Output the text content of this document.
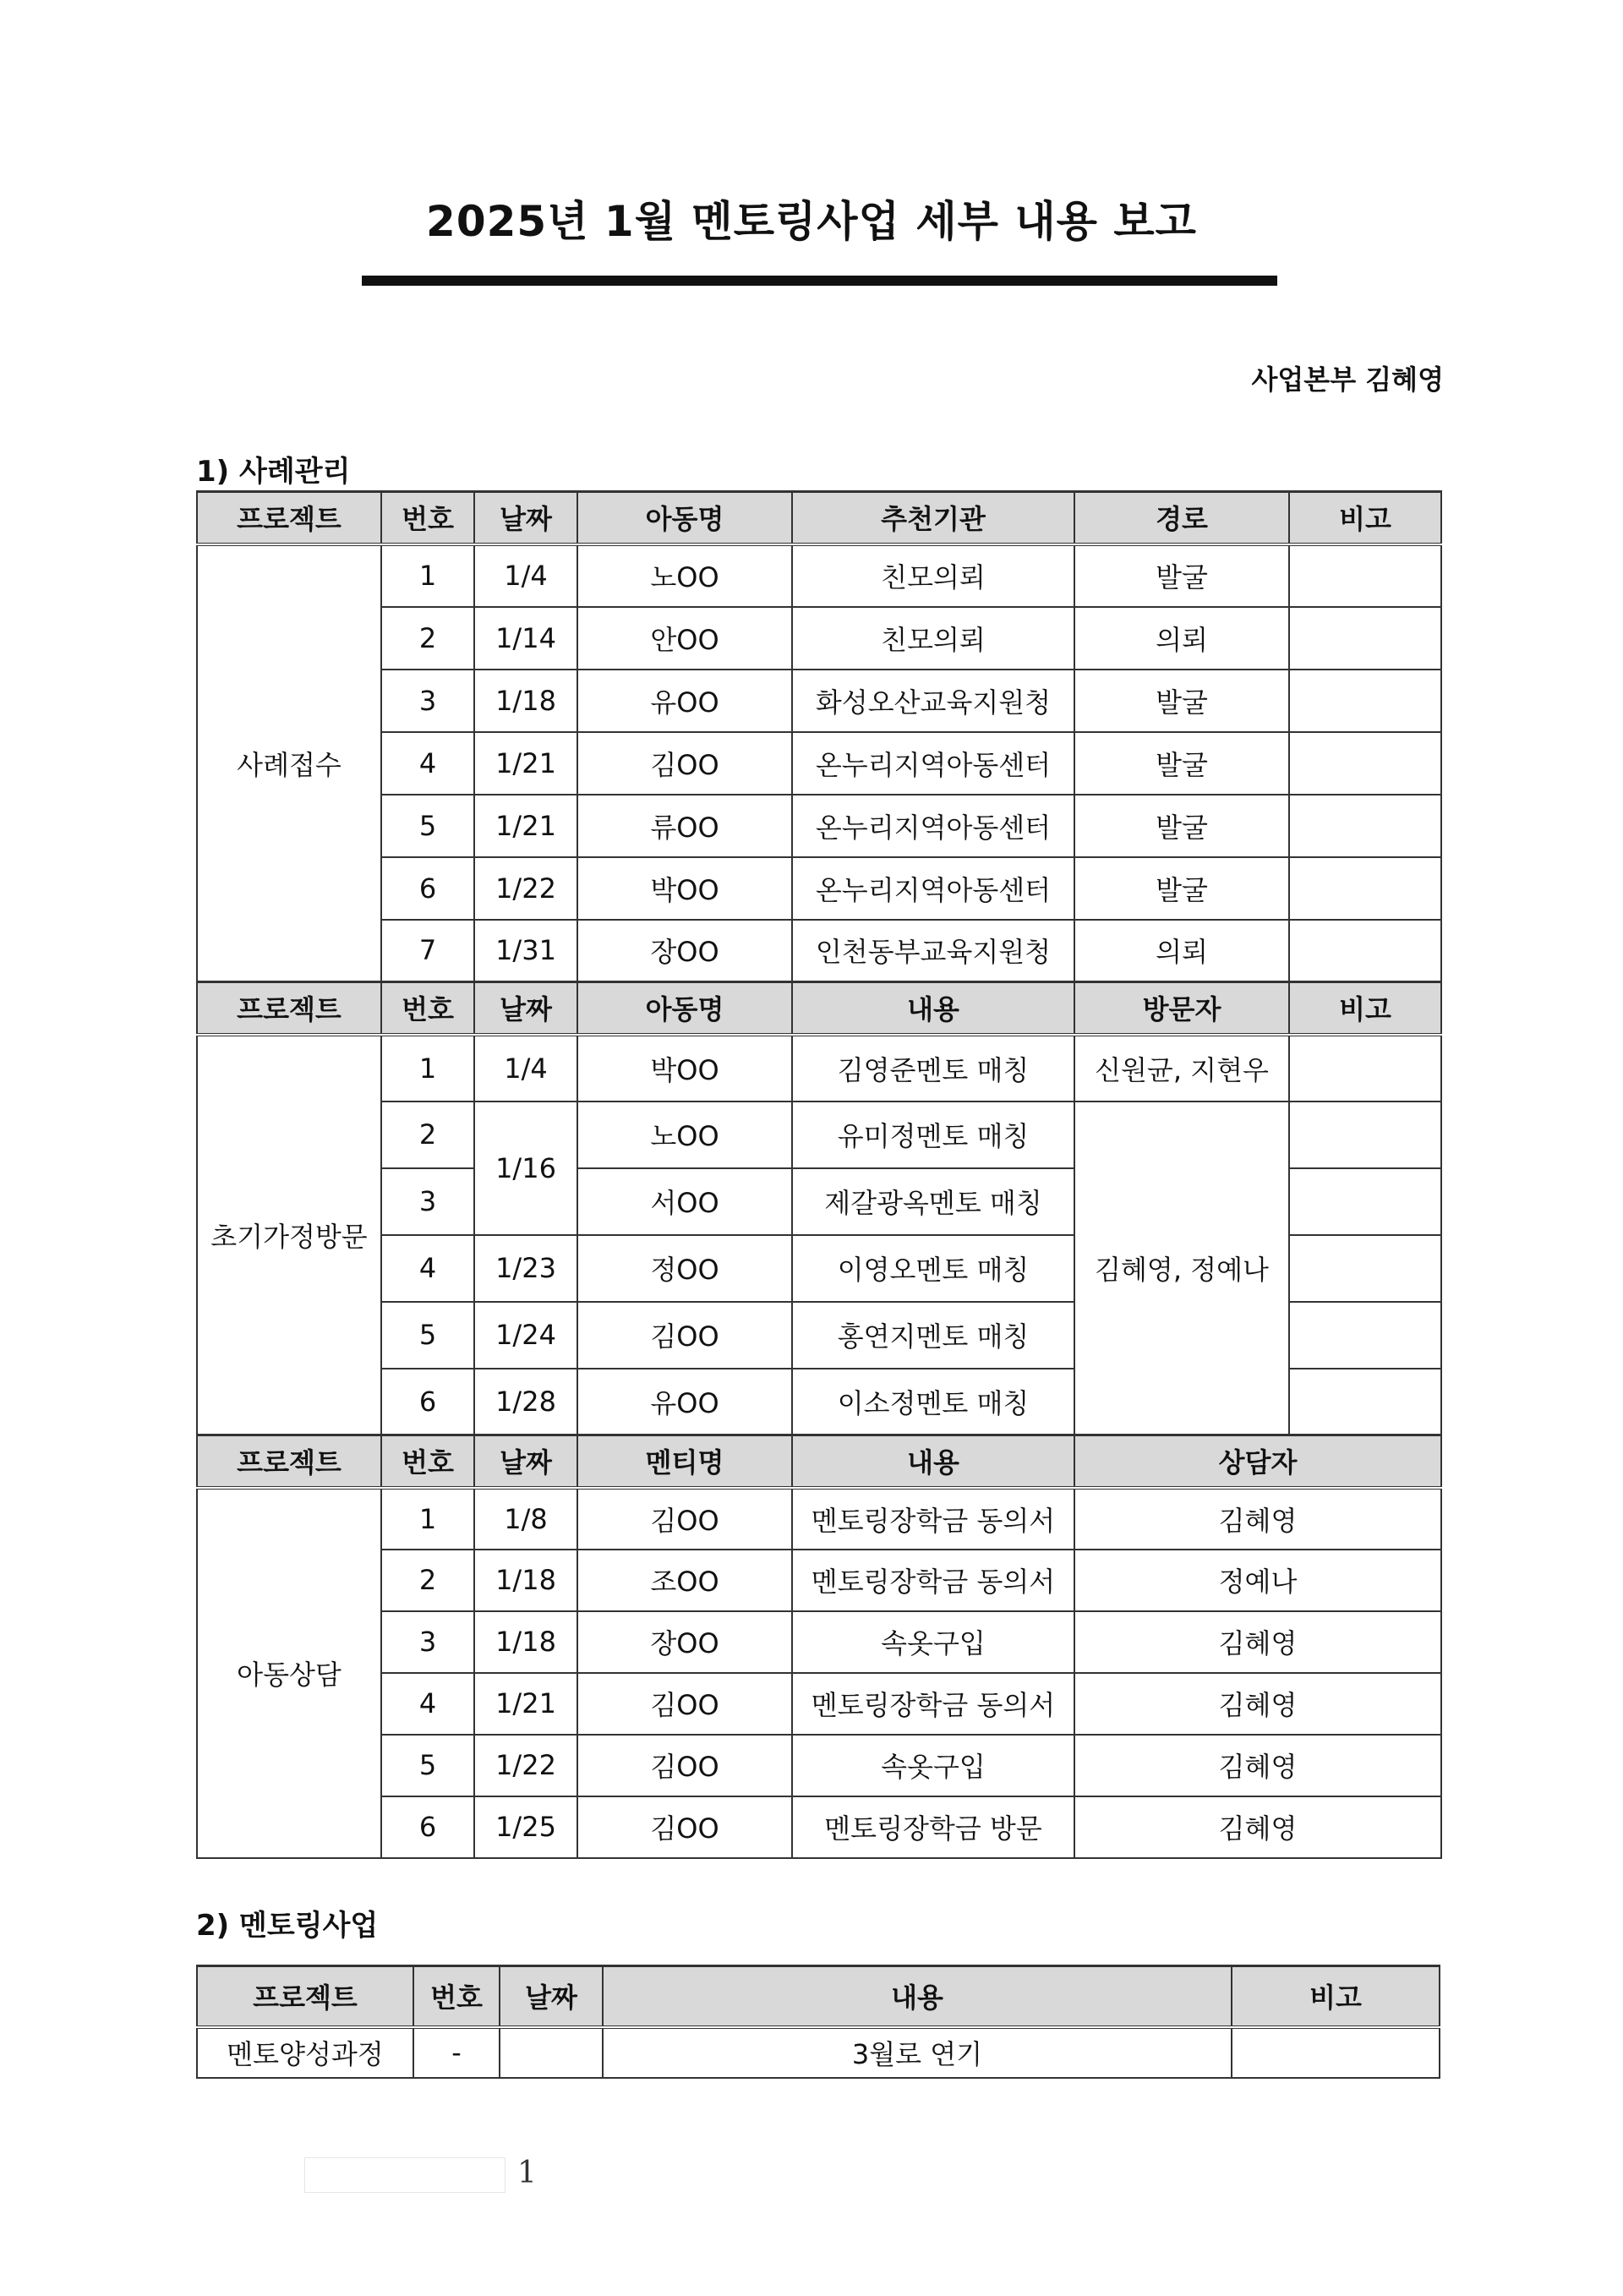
2025년 1월 멘토링사업 세부 내용 보고
사업본부 김혜영
1) 사례관리
프로젝트	번호	날짜	아동명	추천기관	경로	비고
사례접수	1	1/4	노OO	친모의뢰	발굴	
	2	1/14	안OO	친모의뢰	의뢰	
	3	1/18	유OO	화성오산교육지원청	발굴	
	4	1/21	김OO	온누리지역아동센터	발굴	
	5	1/21	류OO	온누리지역아동센터	발굴	
	6	1/22	박OO	온누리지역아동센터	발굴	
	7	1/31	장OO	인천동부교육지원청	의뢰	
프로젝트	번호	날짜	아동명	내용	방문자	비고
초기가정방문	1	1/4	박OO	김영준멘토 매칭	신원균, 지현우	
	2	1/16	노OO	유미정멘토 매칭	김혜영, 정예나	
	3		서OO	제갈광옥멘토 매칭		
	4	1/23	정OO	이영오멘토 매칭		
	5	1/24	김OO	홍연지멘토 매칭		
	6	1/28	유OO	이소정멘토 매칭		
프로젝트	번호	날짜	멘티명	내용	상담자	
아동상담	1	1/8	김OO	멘토링장학금 동의서	김혜영	
	2	1/18	조OO	멘토링장학금 동의서	정예나	
	3	1/18	장OO	속옷구입	김혜영	
	4	1/21	김OO	멘토링장학금 동의서	김혜영	
	5	1/22	김OO	속옷구입	김혜영	
	6	1/25	김OO	멘토링장학금 방문	김혜영	
2) 멘토링사업
프로젝트	번호	날짜	내용	비고
멘토양성과정	-		3월로 연기	
1
